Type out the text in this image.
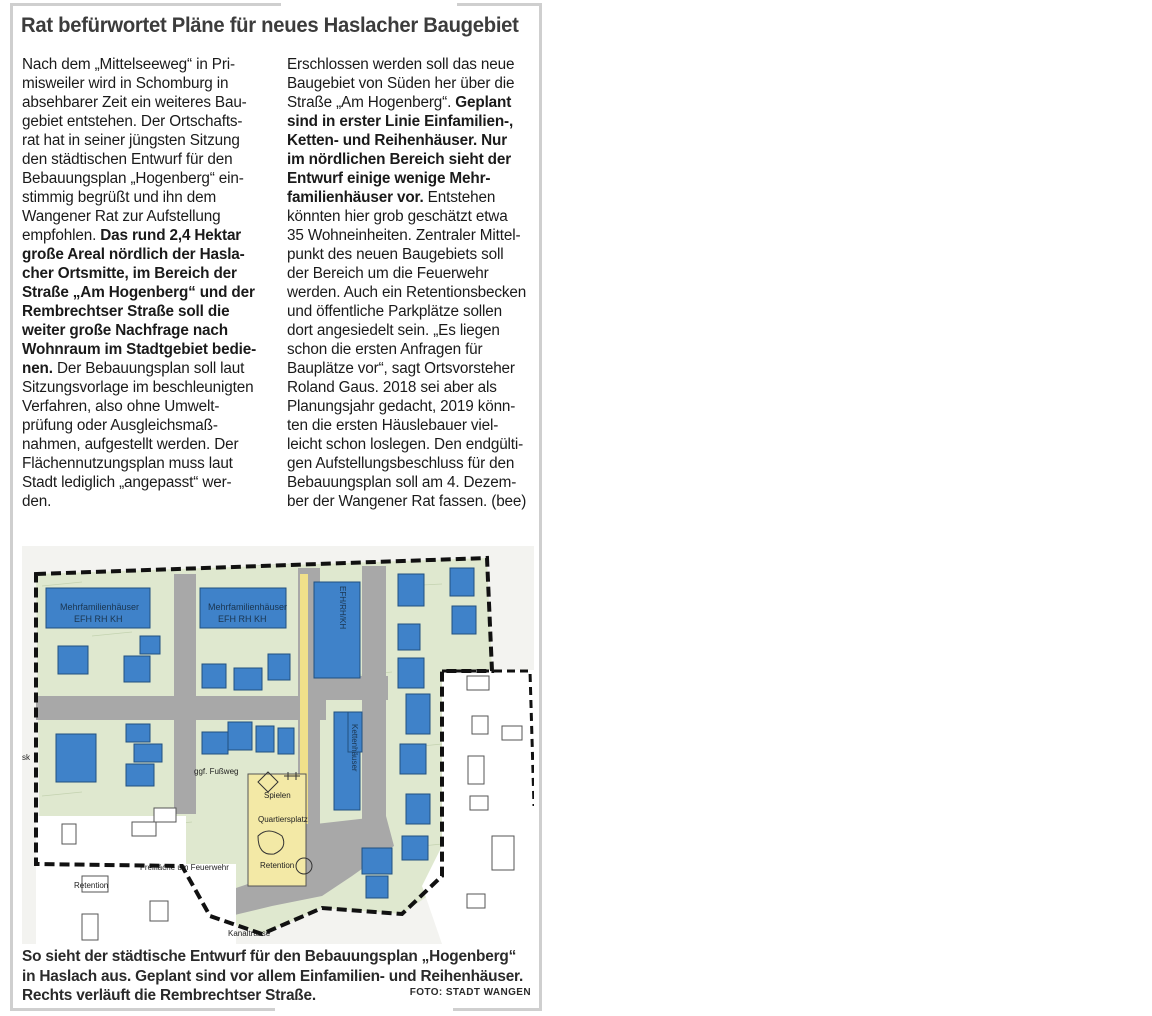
Rat befürwortet Pläne für neues Haslacher Baugebiet
Nach dem „Mittelseeweg“ in Pri-
misweiler wird in Schomburg in
absehbarer Zeit ein weiteres Bau-
gebiet entstehen. Der Ortschafts-
rat hat in seiner jüngsten Sitzung
den städtischen Entwurf für den
Bebauungsplan „Hogenberg“ ein-
stimmig begrüßt und ihn dem
Wangener Rat zur Aufstellung
empfohlen. Das rund 2,4 Hektar
große Areal nördlich der Hasla-
cher Ortsmitte, im Bereich der
Straße „Am Hogenberg“ und der
Rembrechtser Straße soll die
weiter große Nachfrage nach
Wohnraum im Stadtgebiet bedie-
nen. Der Bebauungsplan soll laut
Sitzungsvorlage im beschleunigten
Verfahren, also ohne Umwelt-
prüfung oder Ausgleichsmaß-
nahmen, aufgestellt werden. Der
Flächennutzungsplan muss laut
Stadt lediglich „angepasst“ wer-
den.
Erschlossen werden soll das neue
Baugebiet von Süden her über die
Straße „Am Hogenberg“. Geplant
sind in erster Linie Einfamilien-,
Ketten- und Reihenhäuser. Nur
im nördlichen Bereich sieht der
Entwurf einige wenige Mehr-
familienhäuser vor. Entstehen
könnten hier grob geschätzt etwa
35 Wohneinheiten. Zentraler Mittel-
punkt des neuen Baugebiets soll
der Bereich um die Feuerwehr
werden. Auch ein Retentionsbecken
und öffentliche Parkplätze sollen
dort angesiedelt sein. „Es liegen
schon die ersten Anfragen für
Bauplätze vor“, sagt Ortsvorsteher
Roland Gaus. 2018 sei aber als
Planungsjahr gedacht, 2019 könn-
ten die ersten Häuslebauer viel-
leicht schon loslegen. Den endgülti-
gen Aufstellungsbeschluss für den
Bebauungsplan soll am 4. Dezem-
ber der Wangener Rat fassen. (bee)
Mehrfamilienhäuser
EFH RH KH
Mehrfamilienhäuser
EFH RH KH	EFH/RH/KH
Kettenhäuser
ggf. Fußweg
Spielen
Quartiersplatz
Retention
Freifläche um Feuerwehr
Retention
Kanaltrasse
sk
So sieht der städtische Entwurf für den Bebauungsplan „Hogenberg“
in Haslach aus. Geplant sind vor allem Einfamilien- und Reihenhäuser.
Rechts verläuft die Rembrechtser Straße.	FOTO: STADT WANGEN
